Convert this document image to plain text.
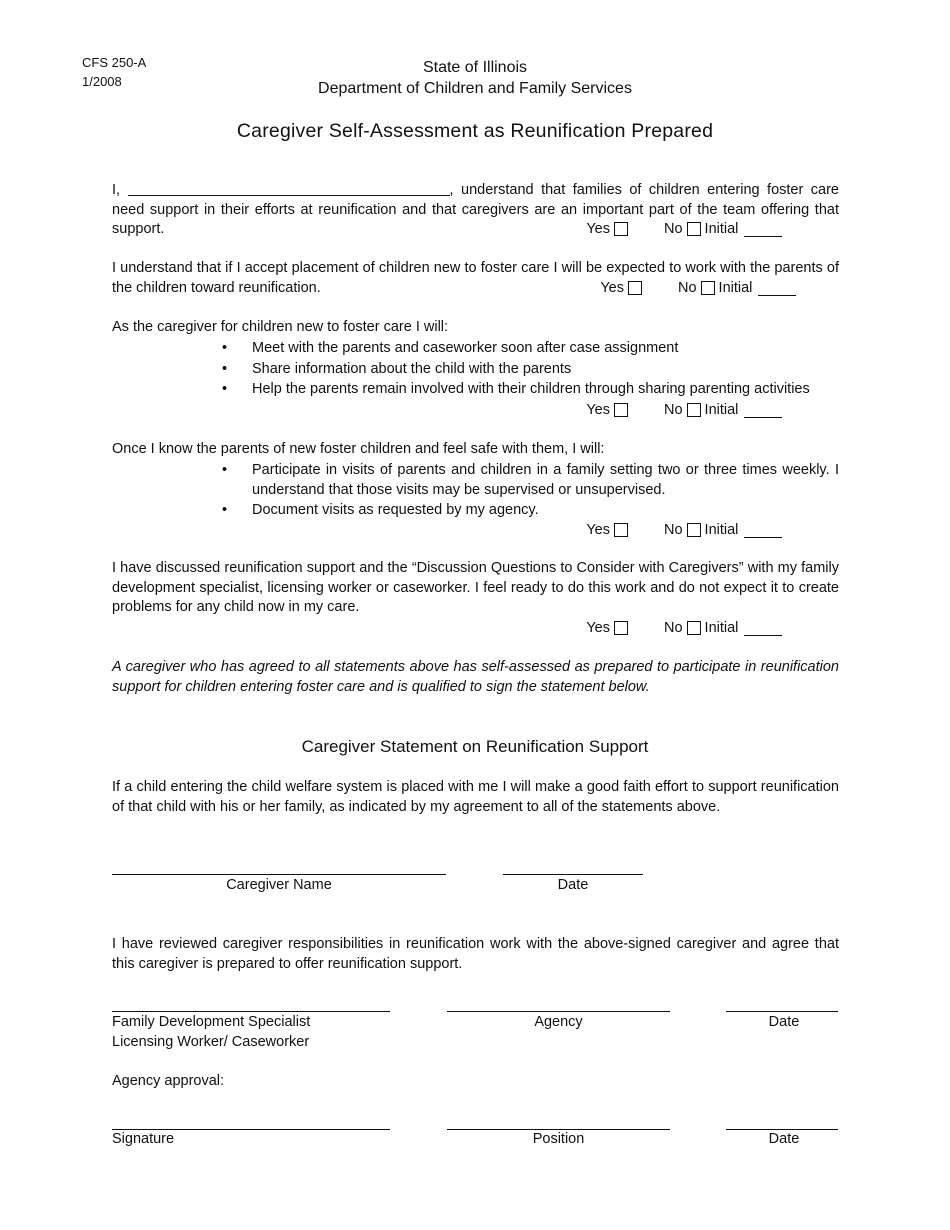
CFS 250-A
1/2008
State of Illinois
Department of Children and Family Services
Caregiver Self-Assessment as Reunification Prepared
I,	, understand that families of children entering foster care need support in their efforts at reunification and that caregivers are an important part of the team offering that support.	Yes	No Initial
I understand that if I accept placement of children new to foster care I will be expected to work with the parents of the children toward reunification.	Yes	No Initial
As the caregiver for children new to foster care I will:
• Meet with the parents and caseworker soon after case assignment
• Share information about the child with the parents
• Help the parents remain involved with their children through sharing parenting activities
Yes	No Initial
Once I know the parents of new foster children and feel safe with them, I will:
• Participate in visits of parents and children in a family setting two or three times weekly. I understand that those visits may be supervised or unsupervised.
• Document visits as requested by my agency.
Yes	No Initial
I have discussed reunification support and the “Discussion Questions to Consider with Caregivers” with my family development specialist, licensing worker or caseworker. I feel ready to do this work and do not expect it to create problems for any child now in my care.
Yes	No Initial
A caregiver who has agreed to all statements above has self-assessed as prepared to participate in reunification support for children entering foster care and is qualified to sign the statement below.
Caregiver Statement on Reunification Support
If a child entering the child welfare system is placed with me I will make a good faith effort to support reunification of that child with his or her family, as indicated by my agreement to all of the statements above.
Caregiver Name	Date
I have reviewed caregiver responsibilities in reunification work with the above-signed caregiver and agree that this caregiver is prepared to offer reunification support.
Family Development Specialist
Licensing Worker/ Caseworker
Agency	Date
Agency approval:
Signature	Position	Date
